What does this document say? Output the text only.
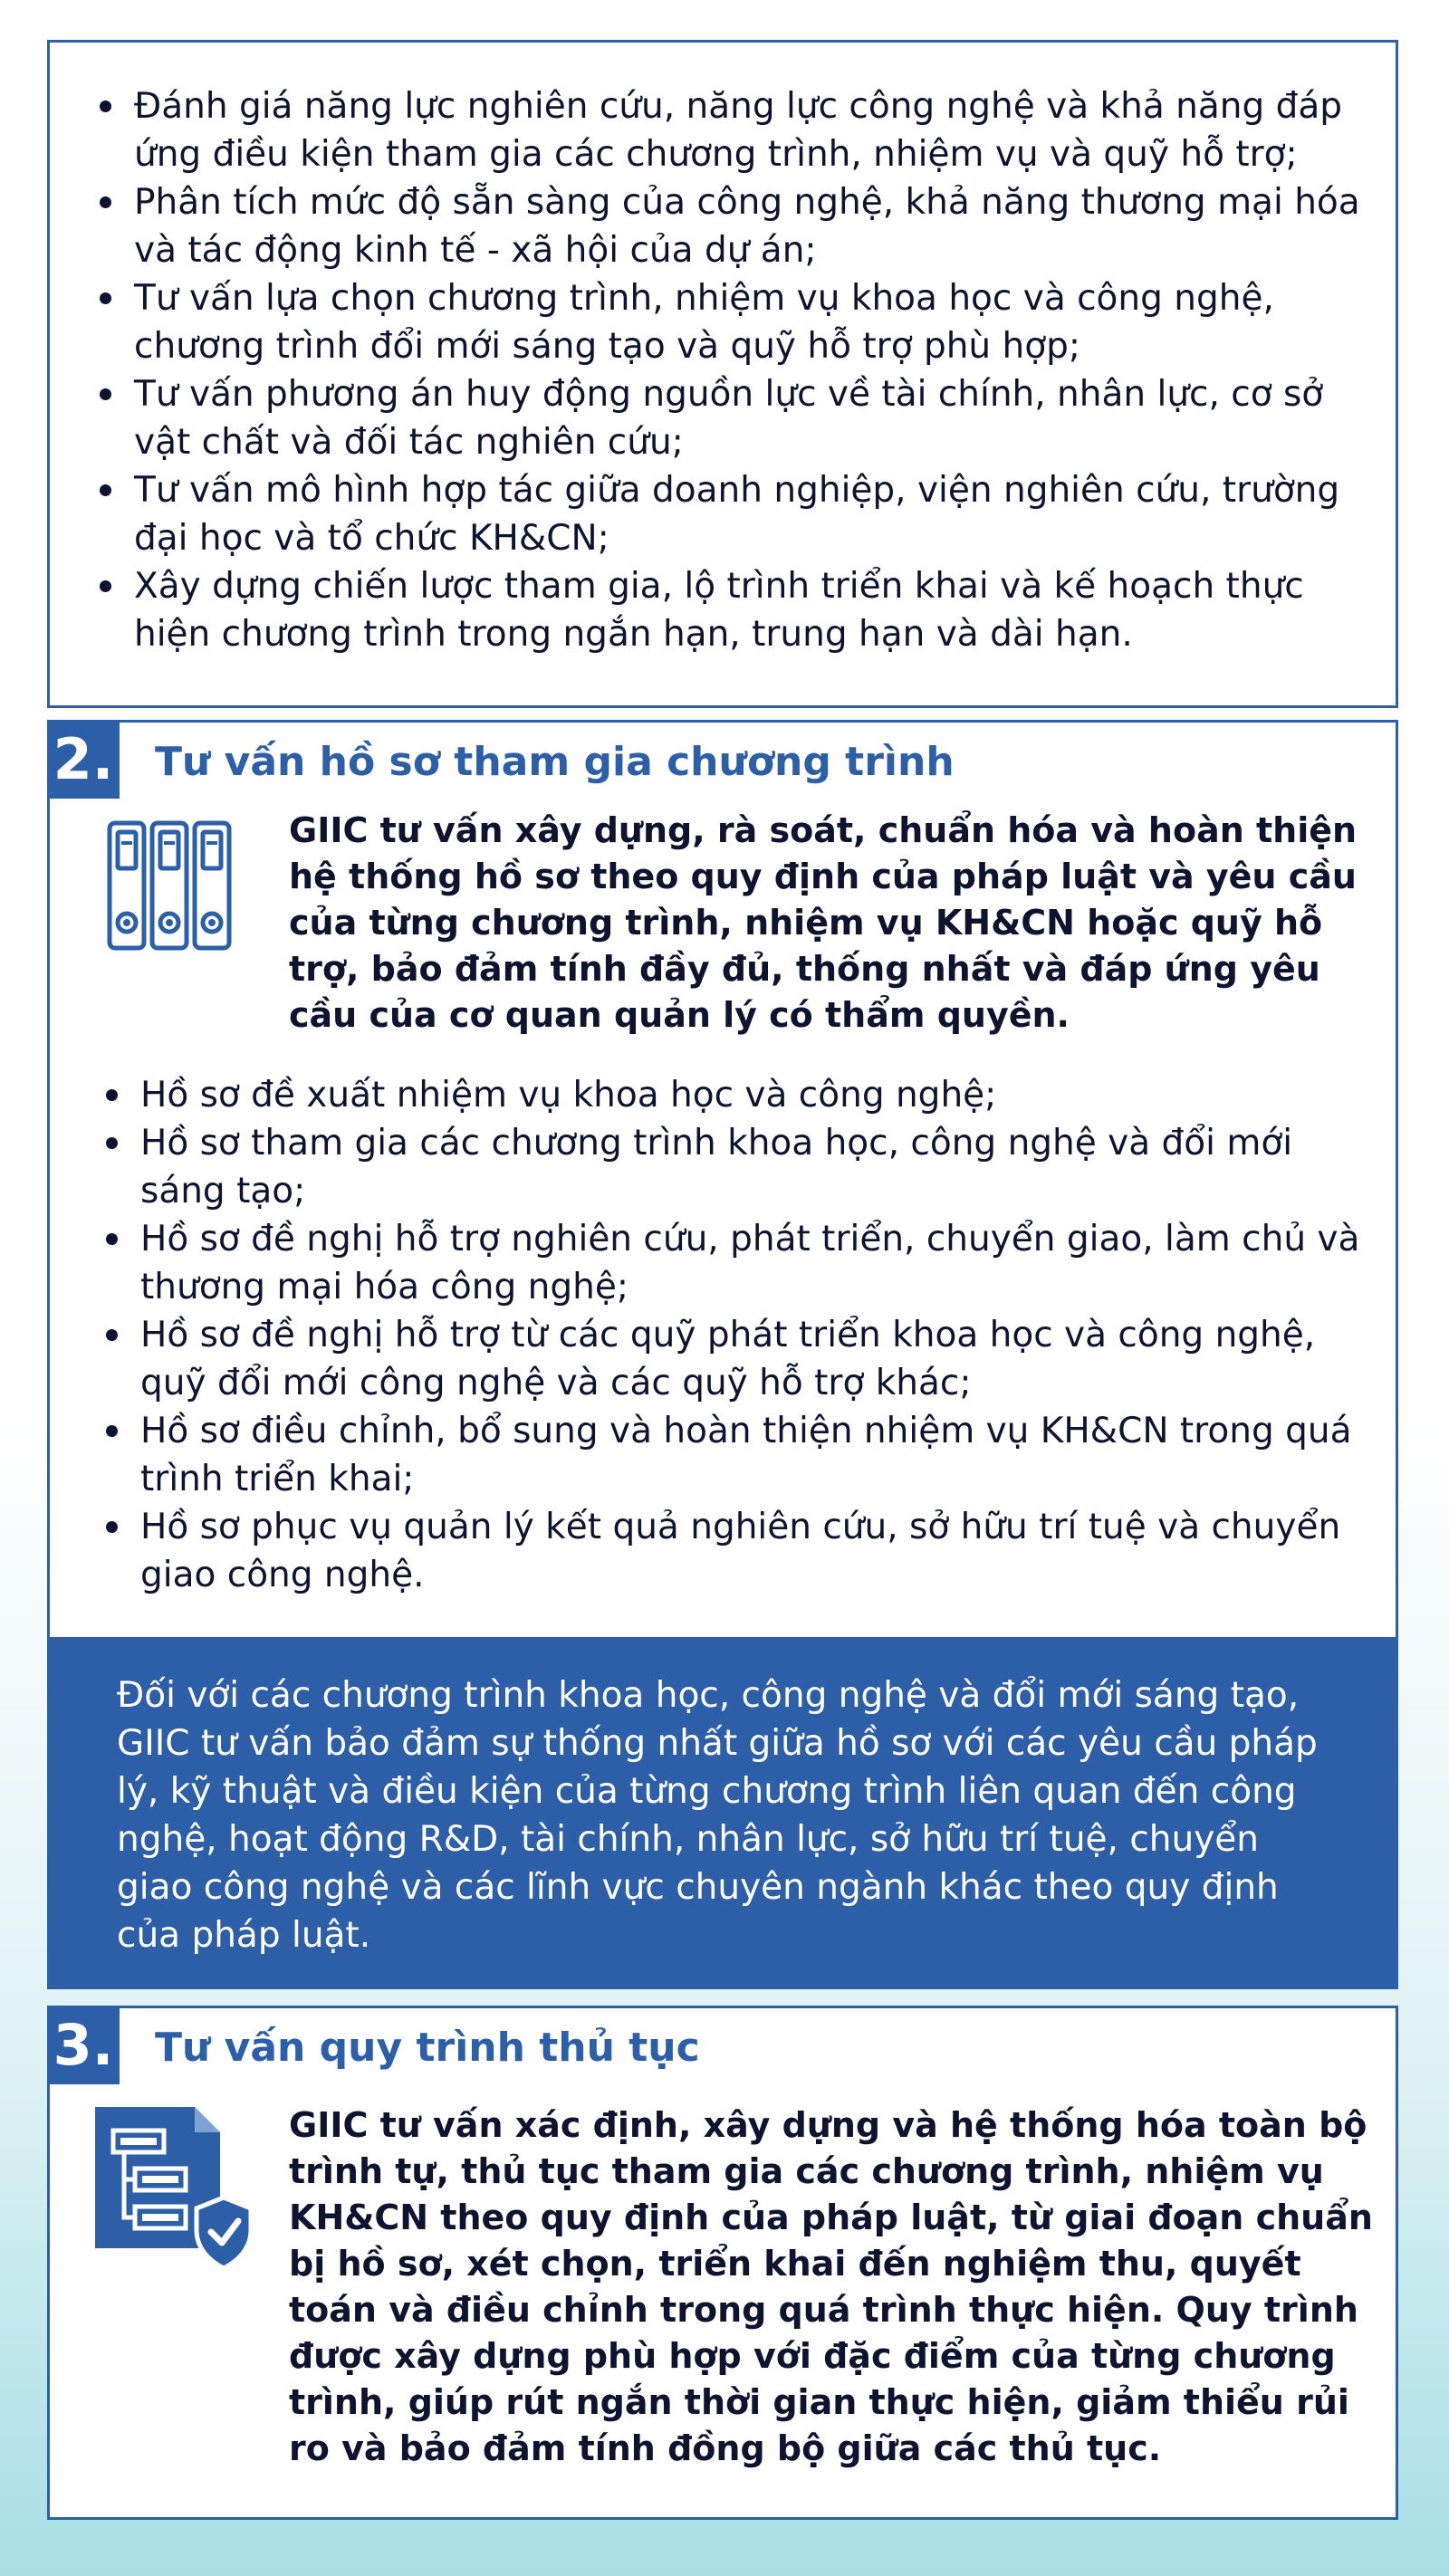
Đánh giá năng lực nghiên cứu, năng lực công nghệ và khả năng đáp ứng điều kiện tham gia các chương trình, nhiệm vụ và quỹ hỗ trợ;
Phân tích mức độ sẵn sàng của công nghệ, khả năng thương mại hóa và tác động kinh tế - xã hội của dự án;
Tư vấn lựa chọn chương trình, nhiệm vụ khoa học và công nghệ, chương trình đổi mới sáng tạo và quỹ hỗ trợ phù hợp;
Tư vấn phương án huy động nguồn lực về tài chính, nhân lực, cơ sở vật chất và đối tác nghiên cứu;
Tư vấn mô hình hợp tác giữa doanh nghiệp, viện nghiên cứu, trường đại học và tổ chức KH&CN;
Xây dựng chiến lược tham gia, lộ trình triển khai và kế hoạch thực hiện chương trình trong ngắn hạn, trung hạn và dài hạn.
2. Tư vấn hồ sơ tham gia chương trình
GIIC tư vấn xây dựng, rà soát, chuẩn hóa và hoàn thiện hệ thống hồ sơ theo quy định của pháp luật và yêu cầu của từng chương trình, nhiệm vụ KH&CN hoặc quỹ hỗ trợ, bảo đảm tính đầy đủ, thống nhất và đáp ứng yêu cầu của cơ quan quản lý có thẩm quyền.
Hồ sơ đề xuất nhiệm vụ khoa học và công nghệ;
Hồ sơ tham gia các chương trình khoa học, công nghệ và đổi mới sáng tạo;
Hồ sơ đề nghị hỗ trợ nghiên cứu, phát triển, chuyển giao, làm chủ và thương mại hóa công nghệ;
Hồ sơ đề nghị hỗ trợ từ các quỹ phát triển khoa học và công nghệ, quỹ đổi mới công nghệ và các quỹ hỗ trợ khác;
Hồ sơ điều chỉnh, bổ sung và hoàn thiện nhiệm vụ KH&CN trong quá trình triển khai;
Hồ sơ phục vụ quản lý kết quả nghiên cứu, sở hữu trí tuệ và chuyển giao công nghệ.
Đối với các chương trình khoa học, công nghệ và đổi mới sáng tạo, GIIC tư vấn bảo đảm sự thống nhất giữa hồ sơ với các yêu cầu pháp lý, kỹ thuật và điều kiện của từng chương trình liên quan đến công nghệ, hoạt động R&D, tài chính, nhân lực, sở hữu trí tuệ, chuyển giao công nghệ và các lĩnh vực chuyên ngành khác theo quy định của pháp luật.
3. Tư vấn quy trình thủ tục
GIIC tư vấn xác định, xây dựng và hệ thống hóa toàn bộ trình tự, thủ tục tham gia các chương trình, nhiệm vụ KH&CN theo quy định của pháp luật, từ giai đoạn chuẩn bị hồ sơ, xét chọn, triển khai đến nghiệm thu, quyết toán và điều chỉnh trong quá trình thực hiện. Quy trình được xây dựng phù hợp với đặc điểm của từng chương trình, giúp rút ngắn thời gian thực hiện, giảm thiểu rủi ro và bảo đảm tính đồng bộ giữa các thủ tục.
